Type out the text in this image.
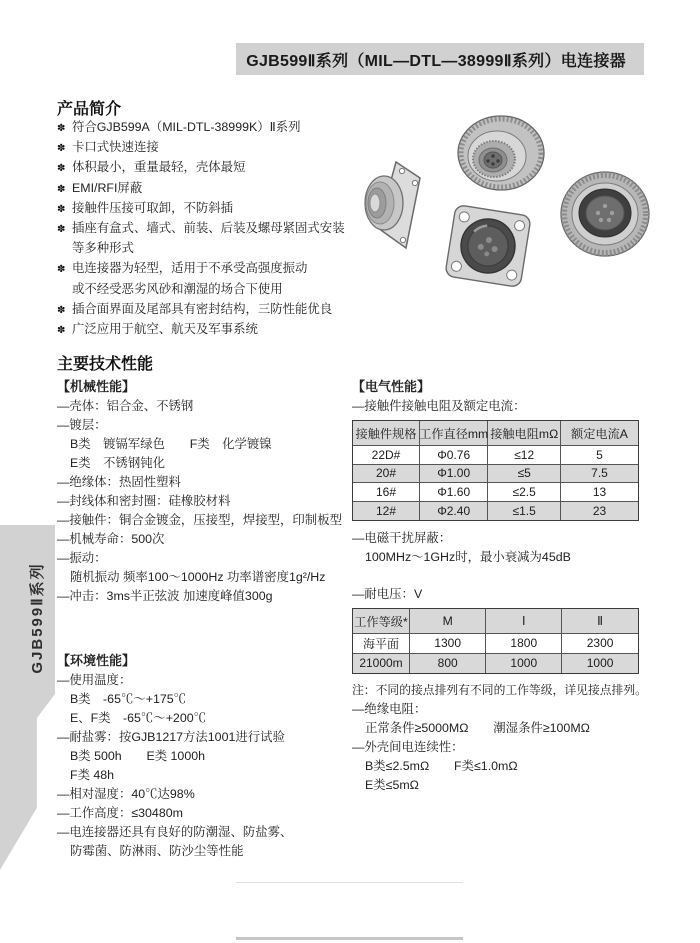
GJB599Ⅱ系列（MIL—DTL—38999Ⅱ系列）电连接器
产品简介
✽ 符合GJB599A（MIL-DTL-38999K）Ⅱ系列
✽ 卡口式快速连接
✽ 体积最小，重量最轻，壳体最短
✽ EMI/RFI屏蔽
✽ 接触件压接可取卸，不防斜插
✽ 插座有盒式、墙式、前装、后装及螺母紧固式安装
等多种形式
✽ 电连接器为轻型，适用于不承受高强度振动
或不经受恶劣风砂和潮湿的场合下使用
✽ 插合面界面及尾部具有密封结构，三防性能优良
✽ 广泛应用于航空、航天及军事系统
主要技术性能
【机械性能】
—壳体：铝合金、不锈钢
—镀层：
B类　镀镉军绿色　　F类　化学镀镍
E类　不锈钢钝化
—绝缘体：热固性塑料
—封线体和密封圈：硅橡胶材料
—接触件：铜合金镀金，压接型，焊接型，印制板型
—机械寿命：500次
—振动：
随机振动 频率100～1000Hz 功率谱密度1g²/Hz
—冲击：3ms半正弦波 加速度峰值300g
【环境性能】
—使用温度：
B类　-65℃～+175℃
E、F类　-65℃～+200℃
—耐盐雾：按GJB1217方法1001进行试验
B类 500h　　E类 1000h
F类 48h
—相对湿度：40℃达98%
—工作高度：≤30480m
—电连接器还具有良好的防潮湿、防盐雾、
防霉菌、防淋雨、防沙尘等性能
【电气性能】
—接触件接触电阻及额定电流：
接触件规格 工作直径mm 接触电阻mΩ	额定电流A
22D#	Φ0.76	≤12	5
20#	Φ1.00	≤5	7.5
16#	Φ1.60	≤2.5	13
12#	Φ2.40	≤1.5	23
—电磁干扰屏蔽：
100MHz～1GHz时，最小衰减为45dB
—耐电压：V
工作等级*	M	Ⅰ	Ⅱ
海平面	1300	1800	2300
21000m	800	1000	1000
注：不同的接点排列有不同的工作等级，详见接点排列。
—绝缘电阻：
正常条件≥5000MΩ　　潮湿条件≥100MΩ
—外壳间电连续性：
B类≤2.5mΩ　　F类≤1.0mΩ
E类≤5mΩ
GJB599Ⅱ系列
